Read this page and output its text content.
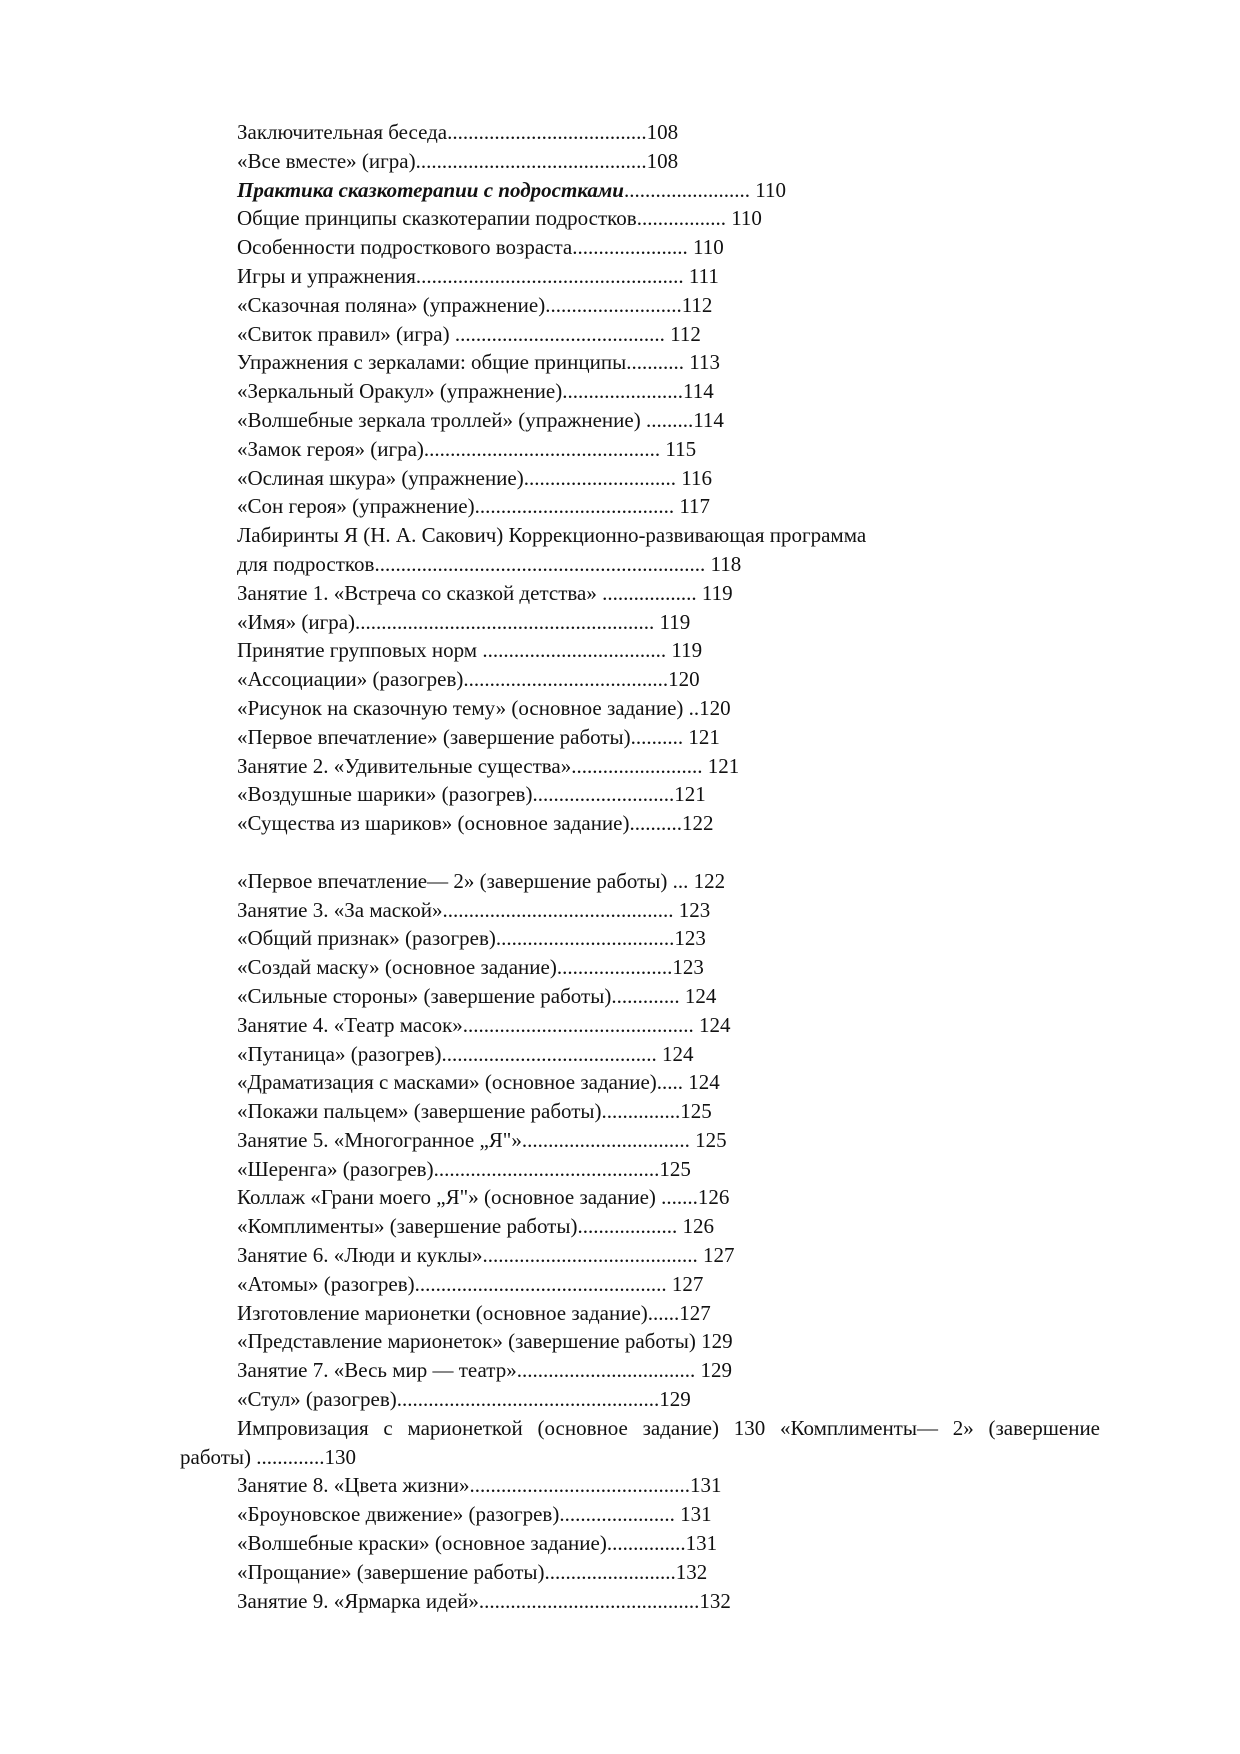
Заключительная беседа......................................108
«Все вместе» (игра)............................................108
Практика сказкотерапии с подростками........................ 110
Общие принципы сказкотерапии подростков................. 110
Особенности подросткового возраста...................... 110
Игры и упражнения................................................... 111
«Сказочная поляна» (упражнение)..........................112
«Свиток правил» (игра) ........................................ 112
Упражнения с зеркалами: общие принципы........... 113
«Зеркальный Оракул» (упражнение).......................114
«Волшебные зеркала троллей» (упражнение) .........114
«Замок героя» (игра)............................................. 115
«Ослиная шкура» (упражнение)............................. 116
«Сон героя» (упражнение)...................................... 117
Лабиринты Я (Н. А. Сакович) Коррекционно-развивающая программа
для подростков............................................................... 118
Занятие 1. «Встреча со сказкой детства» .................. 119
«Имя» (игра)......................................................... 119
Принятие групповых норм ................................... 119
«Ассоциации» (разогрев).......................................120
«Рисунок на сказочную тему» (основное задание) ..120
«Первое впечатление» (завершение работы).......... 121
Занятие 2. «Удивительные существа»......................... 121
«Воздушные шарики» (разогрев)...........................121
«Существа из шариков» (основное задание)..........122
«Первое впечатление— 2» (завершение работы) ... 122
Занятие 3. «За маской»............................................ 123
«Общий признак» (разогрев)..................................123
«Создай маску» (основное задание)......................123
«Сильные стороны» (завершение работы)............. 124
Занятие 4. «Театр масок»............................................ 124
«Путаница» (разогрев)......................................... 124
«Драматизация с масками» (основное задание)..... 124
«Покажи пальцем» (завершение работы)...............125
Занятие 5. «Многогранное „Я"»................................ 125
«Шеренга» (разогрев)...........................................125
Коллаж «Грани моего „Я"» (основное задание) .......126
«Комплименты» (завершение работы)................... 126
Занятие 6. «Люди и куклы»......................................... 127
«Атомы» (разогрев)................................................ 127
Изготовление марионетки (основное задание)......127
«Представление марионеток» (завершение работы) 129
Занятие 7. «Весь мир — театр».................................. 129
«Стул» (разогрев)..................................................129
Импровизация с марионеткой (основное задание) 130 «Комплименты— 2» (завершение работы) .............130
Занятие 8. «Цвета жизни»..........................................131
«Броуновское движение» (разогрев)...................... 131
«Волшебные краски» (основное задание)...............131
«Прощание» (завершение работы).........................132
Занятие 9. «Ярмарка идей»..........................................132
